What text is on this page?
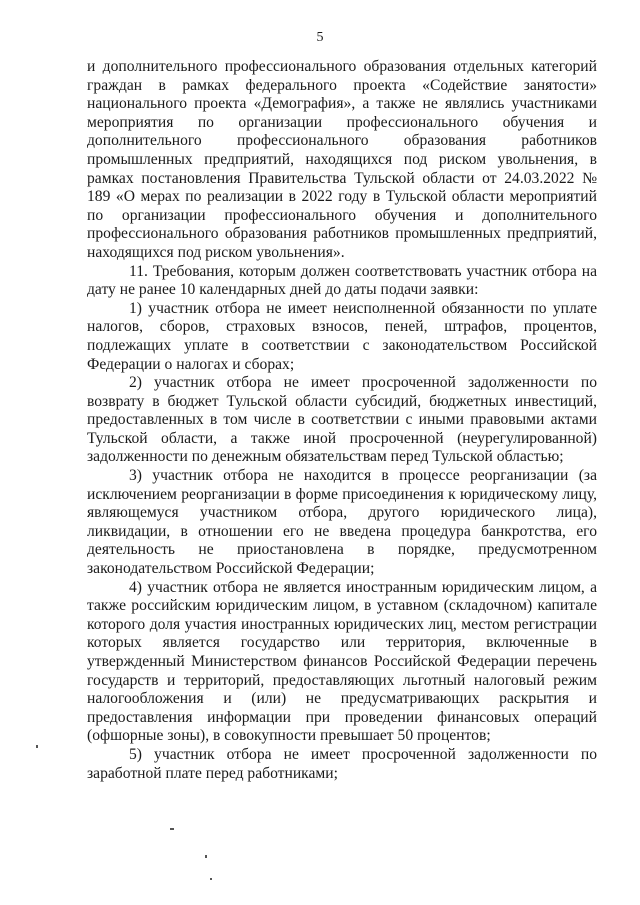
5

и дополнительного профессионального образования отдельных категорий граждан в рамках федерального проекта «Содействие занятости» национального проекта «Демография», а также не являлись участниками мероприятия по организации профессионального обучения и дополнительного профессионального образования работников промышленных предприятий, находящихся под риском увольнения, в рамках постановления Правительства Тульской области от 24.03.2022 № 189 «О мерах по реализации в 2022 году в Тульской области мероприятий по организации профессионального обучения и дополнительного профессионального образования работников промышленных предприятий, находящихся под риском увольнения».

11. Требования, которым должен соответствовать участник отбора на дату не ранее 10 календарных дней до даты подачи заявки:

1) участник отбора не имеет неисполненной обязанности по уплате налогов, сборов, страховых взносов, пеней, штрафов, процентов, подлежащих уплате в соответствии с законодательством Российской Федерации о налогах и сборах;

2) участник отбора не имеет просроченной задолженности по возврату в бюджет Тульской области субсидий, бюджетных инвестиций, предоставленных в том числе в соответствии с иными правовыми актами Тульской области, а также иной просроченной (неурегулированной) задолженности по денежным обязательствам перед Тульской областью;

3) участник отбора не находится в процессе реорганизации (за исключением реорганизации в форме присоединения к юридическому лицу, являющемуся участником отбора, другого юридического лица), ликвидации, в отношении его не введена процедура банкротства, его деятельность не приостановлена в порядке, предусмотренном законодательством Российской Федерации;

4) участник отбора не является иностранным юридическим лицом, а также российским юридическим лицом, в уставном (складочном) капитале которого доля участия иностранных юридических лиц, местом регистрации которых является государство или территория, включенные в утвержденный Министерством финансов Российской Федерации перечень государств и территорий, предоставляющих льготный налоговый режим налогообложения и (или) не предусматривающих раскрытия и предоставления информации при проведении финансовых операций (офшорные зоны), в совокупности превышает 50 процентов;

5) участник отбора не имеет просроченной задолженности по заработной плате перед работниками;
